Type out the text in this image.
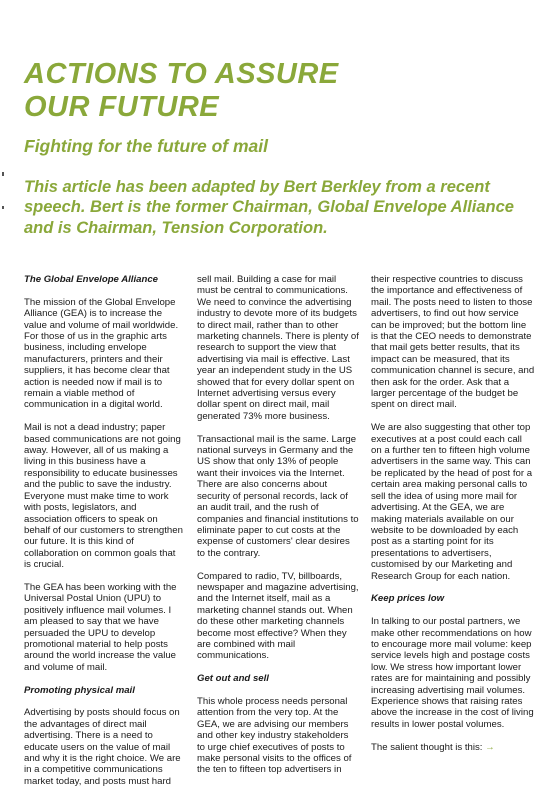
ACTIONS TO ASSURE
OUR FUTURE
Fighting for the future of mail

This article has been adapted by Bert Berkley from a recent speech. Bert is the former Chairman, Global Envelope Alliance and is Chairman, Tension Corporation.

The Global Envelope Alliance

The mission of the Global Envelope Alliance (GEA) is to increase the value and volume of mail worldwide. For those of us in the graphic arts business, including envelope manufacturers, printers and their suppliers, it has become clear that action is needed now if mail is to remain a viable method of communication in a digital world.

Mail is not a dead industry; paper based communications are not going away. However, all of us making a living in this business have a responsibility to educate businesses and the public to save the industry. Everyone must make time to work with posts, legislators, and association officers to speak on behalf of our customers to strengthen our future. It is this kind of collaboration on common goals that is crucial.

The GEA has been working with the Universal Postal Union (UPU) to positively influence mail volumes. I am pleased to say that we have persuaded the UPU to develop promotional material to help posts around the world increase the value and volume of mail.

Promoting physical mail

Advertising by posts should focus on the advantages of direct mail advertising. There is a need to educate users on the value of mail and why it is the right choice. We are in a competitive communications market today, and posts must hard

sell mail. Building a case for mail must be central to communications. We need to convince the advertising industry to devote more of its budgets to direct mail, rather than to other marketing channels. There is plenty of research to support the view that advertising via mail is effective. Last year an independent study in the US showed that for every dollar spent on Internet advertising versus every dollar spent on direct mail, mail generated 73% more business.

Transactional mail is the same. Large national surveys in Germany and the US show that only 13% of people want their invoices via the Internet. There are also concerns about security of personal records, lack of an audit trail, and the rush of companies and financial institutions to eliminate paper to cut costs at the expense of customers' clear desires to the contrary.

Compared to radio, TV, billboards, newspaper and magazine advertising, and the Internet itself, mail as a marketing channel stands out. When do these other marketing channels become most effective? When they are combined with mail communications.

Get out and sell

This whole process needs personal attention from the very top. At the GEA, we are advising our members and other key industry stakeholders to urge chief executives of posts to make personal visits to the offices of the ten to fifteen top advertisers in

their respective countries to discuss the importance and effectiveness of mail. The posts need to listen to those advertisers, to find out how service can be improved; but the bottom line is that the CEO needs to demonstrate that mail gets better results, that its impact can be measured, that its communication channel is secure, and then ask for the order. Ask that a larger percentage of the budget be spent on direct mail.

We are also suggesting that other top executives at a post could each call on a further ten to fifteen high volume advertisers in the same way. This can be replicated by the head of post for a certain area making personal calls to sell the idea of using more mail for advertising. At the GEA, we are making materials available on our website to be downloaded by each post as a starting point for its presentations to advertisers, customised by our Marketing and Research Group for each nation.

Keep prices low

In talking to our postal partners, we make other recommendations on how to encourage more mail volume: keep service levels high and postage costs low. We stress how important lower rates are for maintaining and possibly increasing advertising mail volumes. Experience shows that raising rates above the increase in the cost of living results in lower postal volumes.

The salient thought is this: →
